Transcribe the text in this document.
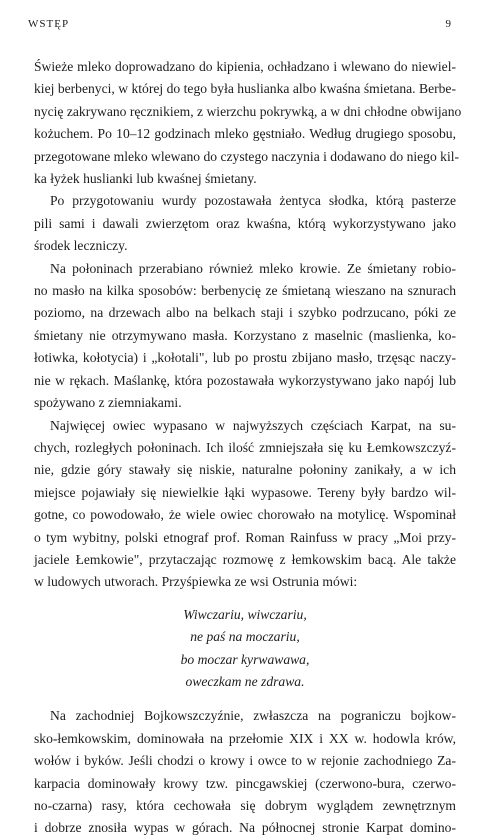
WSTĘP	9
Świeże mleko doprowadzano do kipienia, ochładzano i wlewano do niewiel-
kiej berbenyci, w której do tego była huslianka albo kwaśna śmietana. Berbe-
nycię zakrywano ręcznikiem, z wierzchu pokrywką, a w dni chłodne obwijano
kożuchem. Po 10–12 godzinach mleko gęstniało. Według drugiego sposobu,
przegotowane mleko wlewano do czystego naczynia i dodawano do niego kil-
ka łyżek huslianki lub kwaśnej śmietany.
Po przygotowaniu wurdy pozostawała żentyca słodka, którą pasterze
pili sami i dawali zwierzętom oraz kwaśna, którą wykorzystywano jako
środek leczniczy.
Na połoninach przerabiano również mleko krowie. Ze śmietany robio-
no masło na kilka sposobów: berbenycię ze śmietaną wieszano na sznurach
poziomo, na drzewach albo na belkach staji i szybko podrzucano, póki ze
śmietany nie otrzymywano masła. Korzystano z maselnic (maslienka, ko-
łotiwka, kołotycia) i „kołotali", lub po prostu zbijano masło, trzęsąc naczy-
nie w rękach. Maślankę, która pozostawała wykorzystywano jako napój lub
spożywano z ziemniakami.
Najwięcej owiec wypasano w najwyższych częściach Karpat, na su-
chych, rozległych połoninach. Ich ilość zmniejszała się ku Łemkowszczyź-
nie, gdzie góry stawały się niskie, naturalne połoniny zanikały, a w ich
miejsce pojawiały się niewielkie łąki wypasowe. Tereny były bardzo wil-
gotne, co powodowało, że wiele owiec chorowało na motylicę. Wspominał
o tym wybitny, polski etnograf prof. Roman Rainfuss w pracy „Moi przy-
jaciele Łemkowie", przytaczając rozmowę z łemkowskim bacą. Ale także
w ludowych utworach. Przyśpiewka ze wsi Ostrunia mówi:
Wiwczariu, wiwczariu,
ne paś na moczariu,
bo moczar kyrwawawa,
oweczkam ne zdrawa.
Na zachodniej Bojkowszczyźnie, zwłaszcza na pograniczu bojkow-
sko-łemkowskim, dominowała na przełomie XIX i XX w. hodowla krów,
wołów i byków. Jeśli chodzi o krowy i owce to w rejonie zachodniego Za-
karpacia dominowały krowy tzw. pincgawskiej (czerwono-bura, czerwo-
no-czarna) rasy, która cechowała się dobrym wyglądem zewnętrznym
i dobrze znosiła wypas w górach. Na północnej stronie Karpat domino-
